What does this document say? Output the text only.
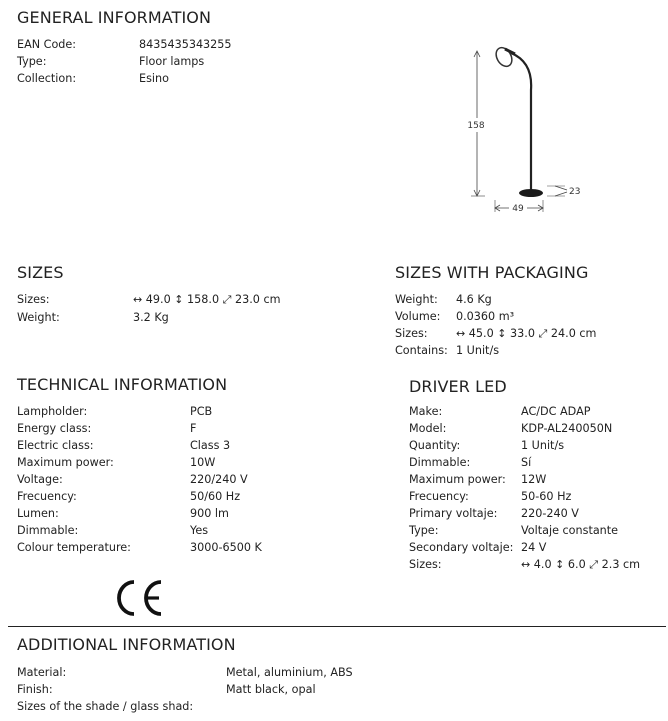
GENERAL INFORMATION
EAN Code:	8435435343255
Type:	Floor lamps
Collection:	Esino
158
49
23
SIZES
Sizes:	↔ 49.0 ↕ 158.0 ⤢ 23.0 cm
Weight:	3.2 Kg
SIZES WITH PACKAGING
Weight: 4.6 Kg
Volume: 0.0360 m³
Sizes:	↔ 45.0 ↕ 33.0 ⤢ 24.0 cm
Contains: 1 Unit/s
TECHNICAL INFORMATION
Lampholder:	PCB
Energy class:	F
Electric class:	Class 3
Maximum power:	10W
Voltage:	220/240 V
Frecuency:	50/60 Hz
Lumen:	900 lm
Dimmable:	Yes
Colour temperature:	3000-6500 K
DRIVER LED
Make:	AC/DC ADAP
Model:	KDP-AL240050N
Quantity:	1 Unit/s
Dimmable:	Sí
Maximum power: 12W
Frecuency:	50-60 Hz
Primary voltaje: 220-240 V
Type:	Voltaje constante
Secondary voltaje: 24 V
Sizes:	↔ 4.0 ↕ 6.0 ⤢ 2.3 cm
ADDITIONAL INFORMATION
Material:	Metal, aluminium, ABS
Finish:	Matt black, opal
Sizes of the shade / glass shad:
